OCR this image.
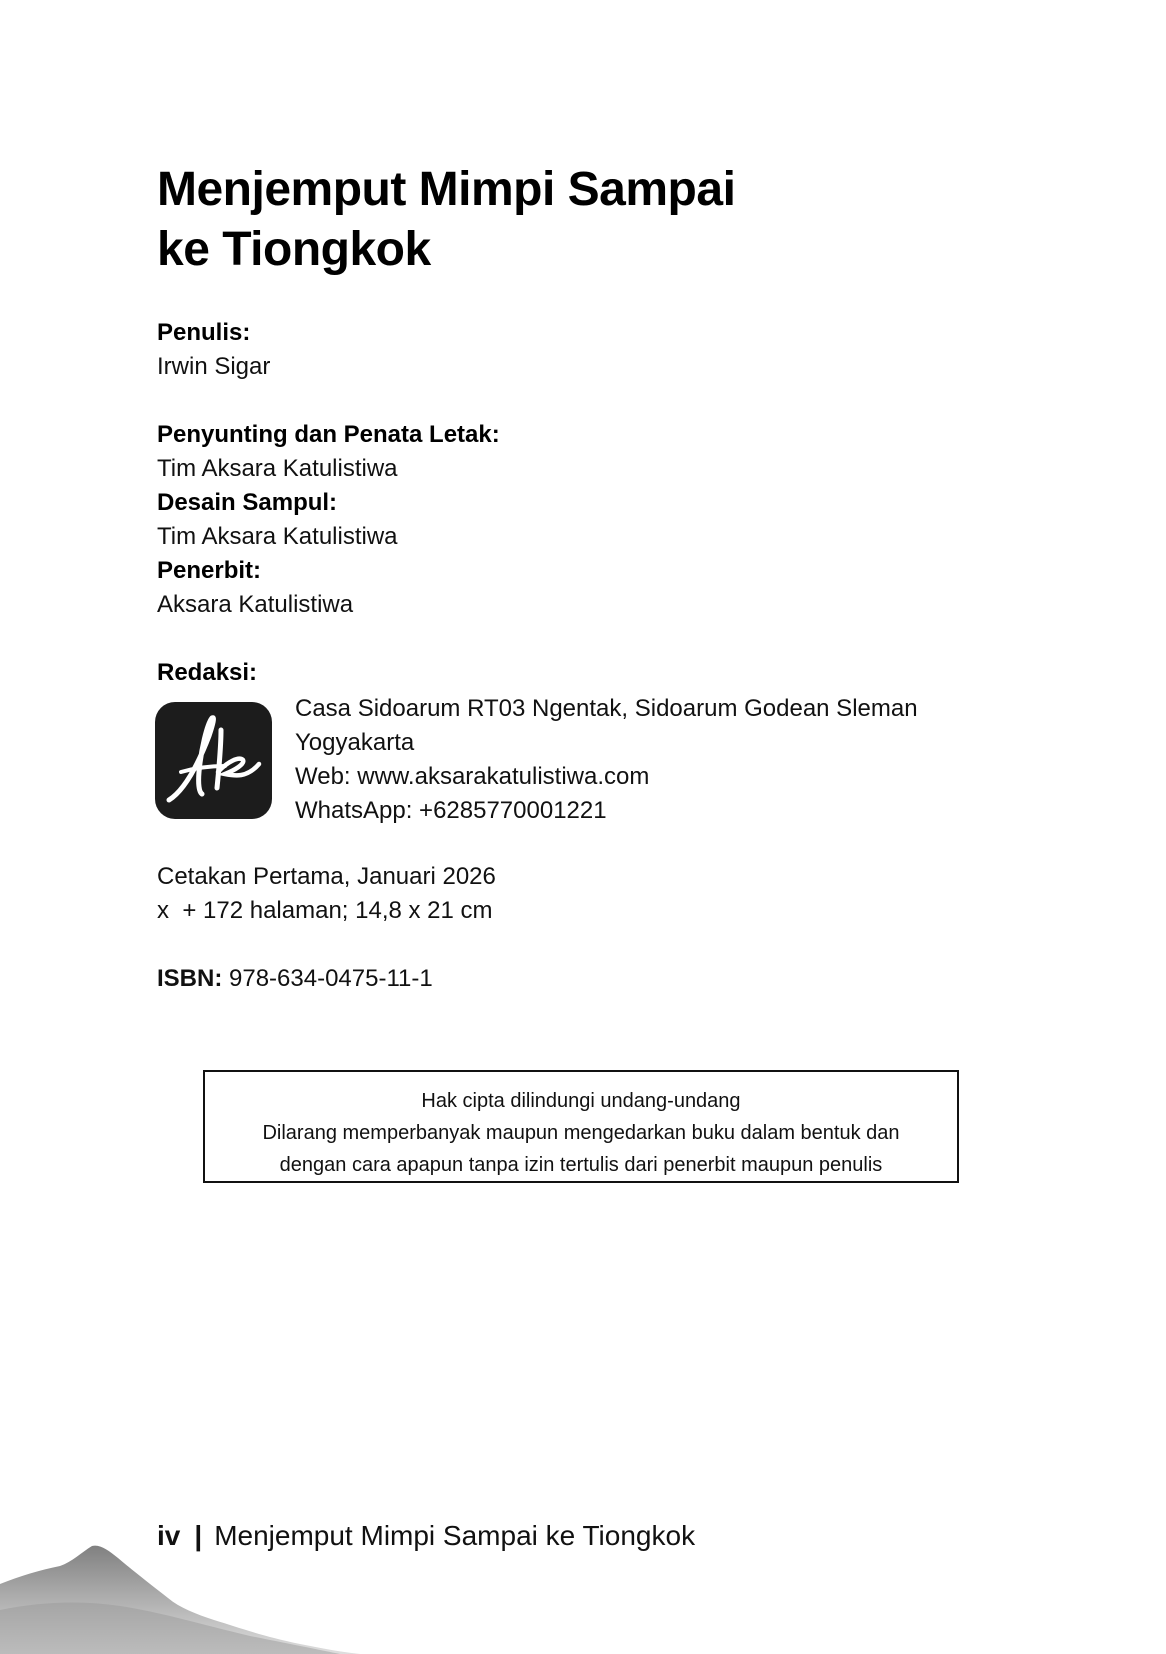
Menjemput Mimpi Sampai
ke Tiongkok
Penulis:
Irwin Sigar
Penyunting dan Penata Letak:
Tim Aksara Katulistiwa
Desain Sampul:
Tim Aksara Katulistiwa
Penerbit:
Aksara Katulistiwa
Redaksi:
Casa Sidoarum RT03 Ngentak, Sidoarum Godean Sleman
Yogyakarta
Web: www.aksarakatulistiwa.com
WhatsApp: +6285770001221
Cetakan Pertama, Januari 2026
x  + 172 halaman; 14,8 x 21 cm
ISBN: 978-634-0475-11-1
Hak cipta dilindungi undang-undang
Dilarang memperbanyak maupun mengedarkan buku dalam bentuk dan
dengan cara apapun tanpa izin tertulis dari penerbit maupun penulis
iv | Menjemput Mimpi Sampai ke Tiongkok
